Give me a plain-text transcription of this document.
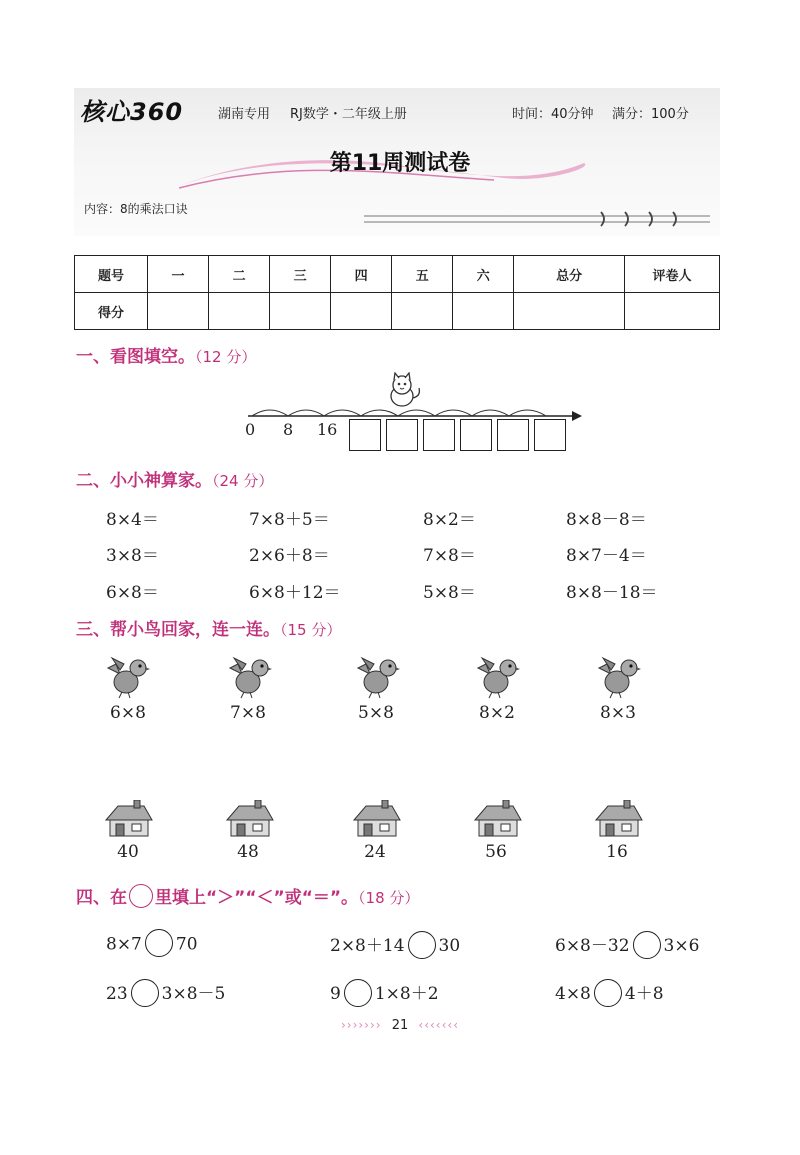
核心360	湖南专用 RJ数学・二年级上册	时间：40分钟 满分：100分
第11周测试卷
内容：8的乘法口诀
题号	一	二	三	四	五	六	总分	评卷人
得分								
一、看图填空。（12 分）
0 8 16
二、小小神算家。（24 分）
8×4＝	7×8＋5＝	8×2＝	8×8－8＝
3×8＝	2×6＋8＝	7×8＝	8×7－4＝
6×8＝	6×8＋12＝	5×8＝	8×8－18＝
三、帮小鸟回家，连一连。（15 分）
6×8	7×8	5×8	8×2	8×3
40	48	24	56	16
四、在 里填上“＞”“＜”或“＝”。（18 分）
8×7 70	2×8＋14 30	6×8－32 3×6
23 3×8－5	9 1×8＋2	4×8 4＋8
››››››› 21 ‹‹‹‹‹‹‹
